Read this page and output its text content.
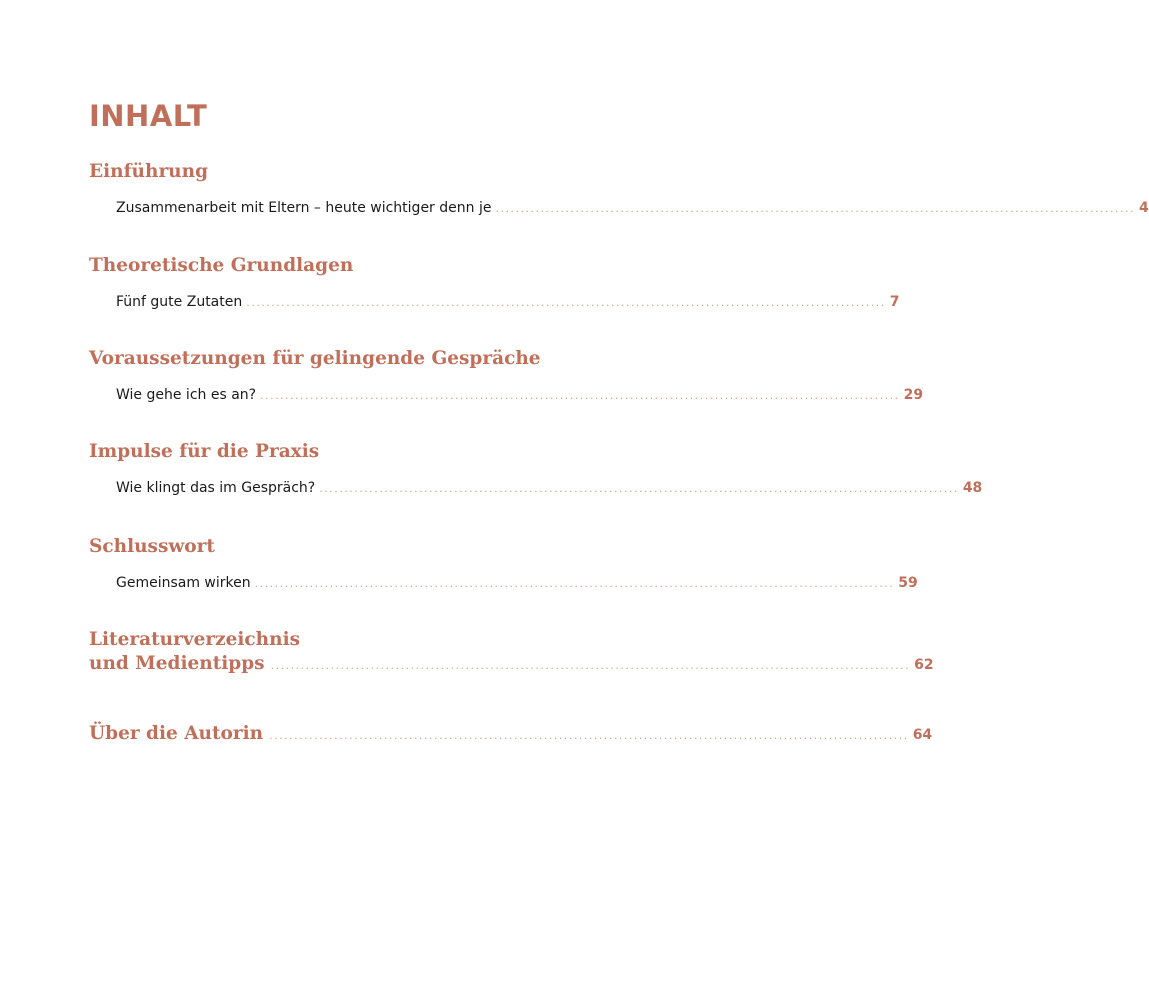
INHALT
Einführung
Zusammenarbeit mit Eltern – heute wichtiger denn je ................................................................................................................................ 4
Theoretische Grundlagen
Fünf gute Zutaten ................................................................................................................................ 7
Voraussetzungen für gelingende Gespräche
Wie gehe ich es an? ................................................................................................................................ 29
Impulse für die Praxis
Wie klingt das im Gespräch? ................................................................................................................................ 48
Schlusswort
Gemeinsam wirken ................................................................................................................................ 59
Literaturverzeichnis
und Medientipps ................................................................................................................................ 62
Über die Autorin ................................................................................................................................ 64
